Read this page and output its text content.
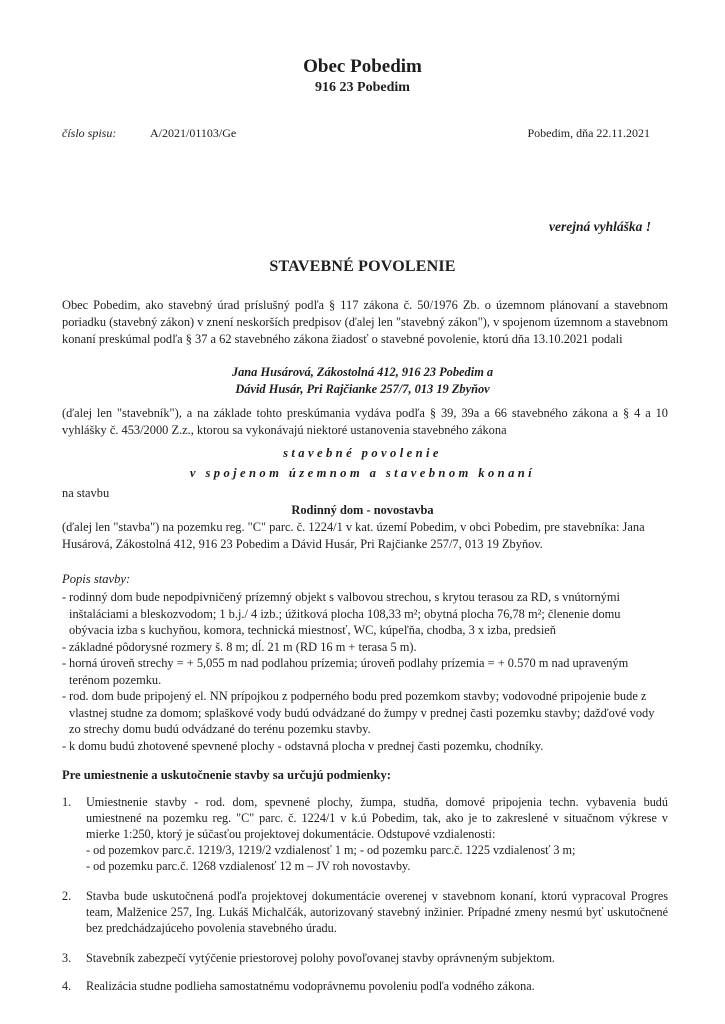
Obec Pobedim
916 23 Pobedim
číslo spisu:	A/2021/01103/Ge	Pobedim, dňa 22.11.2021
verejná vyhláška !
STAVEBNÉ POVOLENIE
Obec Pobedim, ako stavebný úrad príslušný podľa § 117 zákona č. 50/1976 Zb. o územnom plánovaní a stavebnom poriadku (stavebný zákon) v znení neskorších predpisov (ďalej len "stavebný zákon"), v spojenom územnom a stavebnom konaní preskúmal podľa § 37 a 62 stavebného zákona žiadosť o stavebné povolenie, ktorú dňa 13.10.2021 podali
Jana Husárová, Zákostolná 412, 916 23 Pobedim a
Dávid Husár, Pri Rajčianke 257/7, 013 19 Zbyňov
(ďalej len "stavebník"), a na základe tohto preskúmania vydáva podľa § 39, 39a a 66 stavebného zákona a § 4 a 10 vyhlášky č. 453/2000 Z.z., ktorou sa vykonávajú niektoré ustanovenia stavebného zákona
stavebné povolenie
v spojenom územnom a stavebnom konaní
na stavbu
Rodinný dom - novostavba
(ďalej len "stavba") na pozemku reg. "C" parc. č. 1224/1 v kat. území Pobedim, v obci Pobedim, pre stavebníka: Jana Husárová, Zákostolná 412, 916 23 Pobedim a Dávid Husár, Pri Rajčianke 257/7, 013 19 Zbyňov.
Popis stavby:
- rodinný dom bude nepodpivničený prízemný objekt s valbovou strechou, s krytou terasou za RD, s vnútornými inštaláciami a bleskozvodom; 1 b.j./ 4 izb.; úžitková plocha 108,33 m²; obytná plocha 76,78 m²; členenie domu obývacia izba s kuchyňou, komora, technická miestnosť, WC, kúpeľňa, chodba, 3 x izba, predsieň
- základné pôdorysné rozmery š. 8 m; dĺ. 21 m (RD 16 m + terasa 5 m).
- horná úroveň strechy = + 5,055 m nad podlahou prízemia; úroveň podlahy prízemia = + 0.570 m nad upraveným terénom pozemku.
- rod. dom bude pripojený el. NN prípojkou z podperného bodu pred pozemkom stavby; vodovodné pripojenie bude z vlastnej studne za domom; splaškové vody budú odvádzané do žumpy v prednej časti pozemku stavby; dažďové vody zo strechy domu budú odvádzané do terénu pozemku stavby.
- k domu budú zhotovené spevnené plochy - odstavná plocha v prednej časti pozemku, chodníky.
Pre umiestnenie a uskutočnenie stavby sa určujú podmienky:
1. Umiestnenie stavby - rod. dom, spevnené plochy, žumpa, studňa, domové pripojenia techn. vybavenia budú umiestnené na pozemku reg. "C" parc. č. 1224/1 v k.ú Pobedim, tak, ako je to zakreslené v situačnom výkrese v mierke 1:250, ktorý je súčasťou projektovej dokumentácie. Odstupové vzdialenosti:
- od pozemkov parc.č. 1219/3, 1219/2 vzdialenosť 1 m; - od pozemku parc.č. 1225 vzdialenosť 3 m;
- od pozemku parc.č. 1268 vzdialenosť 12 m – JV roh novostavby.
2. Stavba bude uskutočnená podľa projektovej dokumentácie overenej v stavebnom konaní, ktorú vypracoval Progres team, Malženice 257, Ing. Lukáš Michalčák, autorizovaný stavebný inžinier. Prípadné zmeny nesmú byť uskutočnené bez predchádzajúceho povolenia stavebného úradu.
3. Stavebník zabezpečí vytýčenie priestorovej polohy povoľovanej stavby oprávneným subjektom.
4. Realizácia studne podlieha samostatnému vodoprávnemu povoleniu podľa vodného zákona.
